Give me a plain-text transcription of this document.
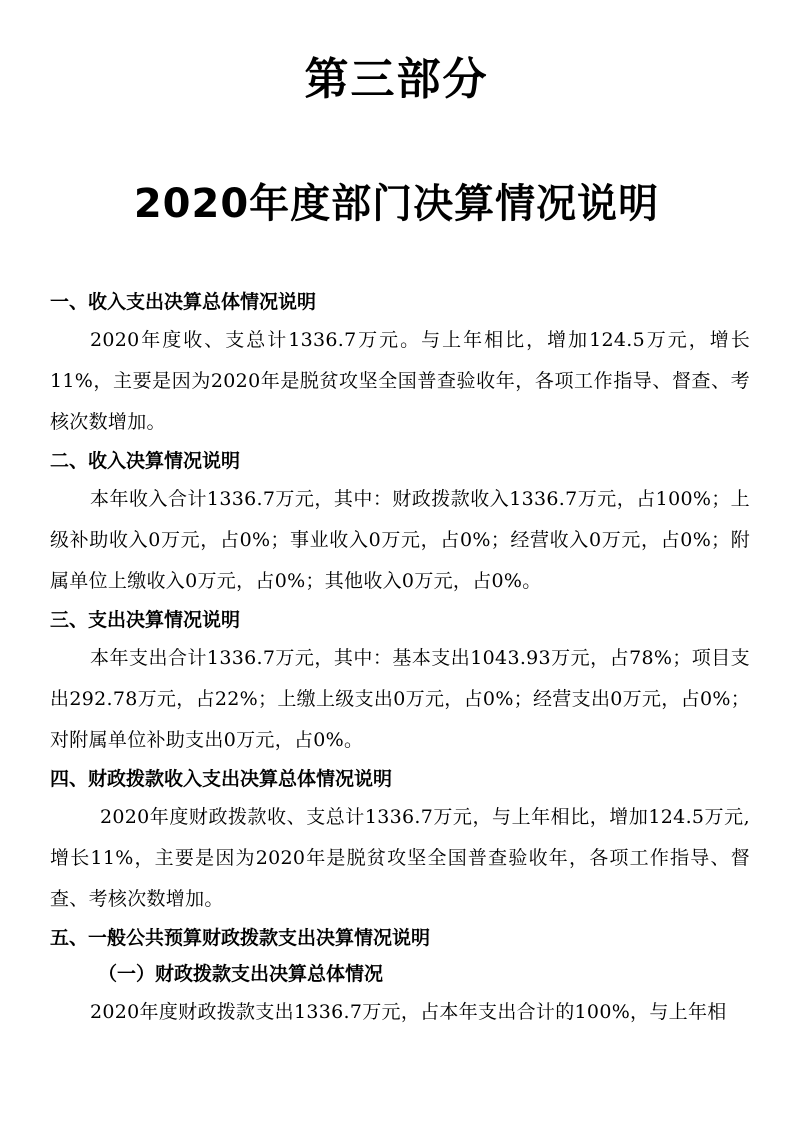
第三部分
2020年度部门决算情况说明
一、收入支出决算总体情况说明

2020年度收、支总计1336.7万元。与上年相比，增加124.5万元，增长11%，主要是因为2020年是脱贫攻坚全国普查验收年，各项工作指导、督查、考核次数增加。

二、收入决算情况说明

本年收入合计1336.7万元，其中：财政拨款收入1336.7万元，占100%；上级补助收入0万元，占0%；事业收入0万元，占0%；经营收入0万元，占0%；附属单位上缴收入0万元，占0%；其他收入0万元，占0%。

三、支出决算情况说明

本年支出合计1336.7万元，其中：基本支出1043.93万元，占78%；项目支出292.78万元，占22%；上缴上级支出0万元，占0%；经营支出0万元，占0%；对附属单位补助支出0万元，占0%。

四、财政拨款收入支出决算总体情况说明

2020年度财政拨款收、支总计1336.7万元，与上年相比，增加124.5万元,增长11%，主要是因为2020年是脱贫攻坚全国普查验收年，各项工作指导、督查、考核次数增加。

五、一般公共预算财政拨款支出决算情况说明
（一）财政拨款支出决算总体情况

2020年度财政拨款支出1336.7万元，占本年支出合计的100%，与上年相
